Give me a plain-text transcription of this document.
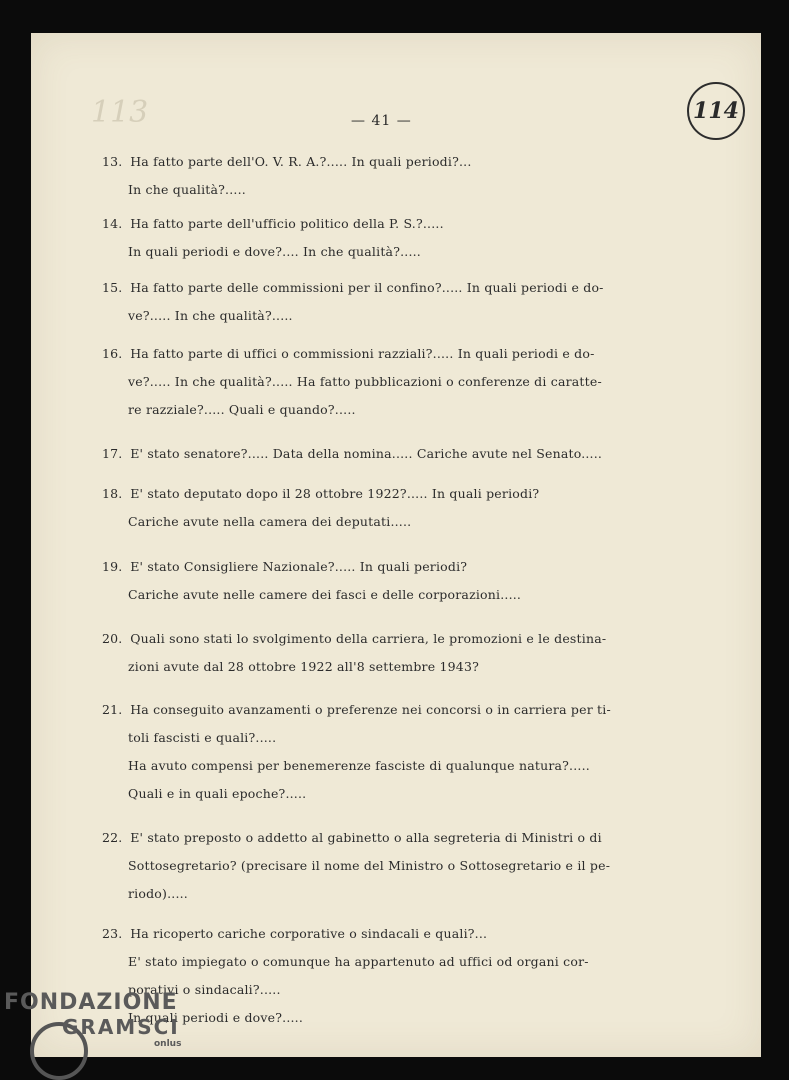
113	114
— 41 —
13. Ha fatto parte dell'O. V. R. A.?..... In quali periodi?...
In che qualità?.....
14. Ha fatto parte dell'ufficio politico della P. S.?.....
In quali periodi e dove?.... In che qualità?.....
15. Ha fatto parte delle commissioni per il confino?..... In quali periodi e do-
ve?..... In che qualità?.....
16. Ha fatto parte di uffici o commissioni razziali?..... In quali periodi e do-
ve?..... In che qualità?..... Ha fatto pubblicazioni o conferenze di caratte-
re razziale?..... Quali e quando?.....
17. E' stato senatore?..... Data della nomina..... Cariche avute nel Senato.....
18. E' stato deputato dopo il 28 ottobre 1922?..... In quali periodi?
Cariche avute nella camera dei deputati.....
19. E' stato Consigliere Nazionale?..... In quali periodi?
Cariche avute nelle camere dei fasci e delle corporazioni.....
20. Quali sono stati lo svolgimento della carriera, le promozioni e le destina-
zioni avute dal 28 ottobre 1922 all'8 settembre 1943?
21. Ha conseguito avanzamenti o preferenze nei concorsi o in carriera per ti-
toli fascisti e quali?.....
Ha avuto compensi per benemerenze fasciste di qualunque natura?.....
Quali e in quali epoche?.....
22. E' stato preposto o addetto al gabinetto o alla segreteria di Ministri o di
Sottosegretario? (precisare il nome del Ministro o Sottosegretario e il pe-
riodo).....
23. Ha ricoperto cariche corporative o sindacali e quali?...
E' stato impiegato o comunque ha appartenuto ad uffici od organi cor-
porativi o sindacali?.....
In quali periodi e dove?.....
FONDAZIONE
GRAMSCI
onlus
